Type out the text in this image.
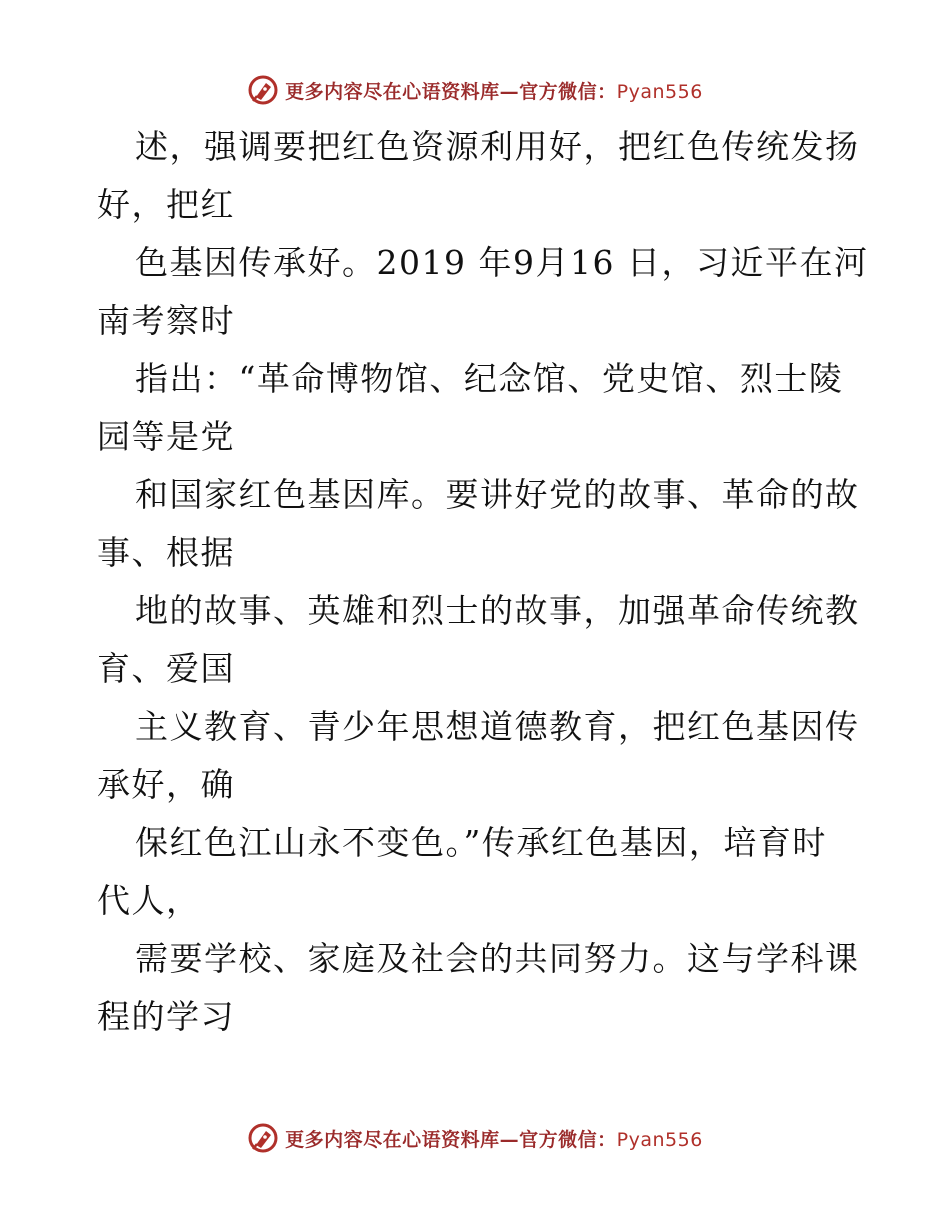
更多内容尽在心语资料库—官方微信：Pyan556
述，强调要把红色资源利用好，把红色传统发扬
好，把红
色基因传承好。2019 年9月16 日，习近平在河
南考察时
指出：“革命博物馆、纪念馆、党史馆、烈士陵
园等是党
和国家红色基因库。要讲好党的故事、革命的故
事、根据
地的故事、英雄和烈士的故事，加强革命传统教
育、爱国
主义教育、青少年思想道德教育，把红色基因传
承好，确
保红色江山永不变色。”传承红色基因，培育时
代人，
需要学校、家庭及社会的共同努力。这与学科课
程的学习
更多内容尽在心语资料库—官方微信：Pyan556
